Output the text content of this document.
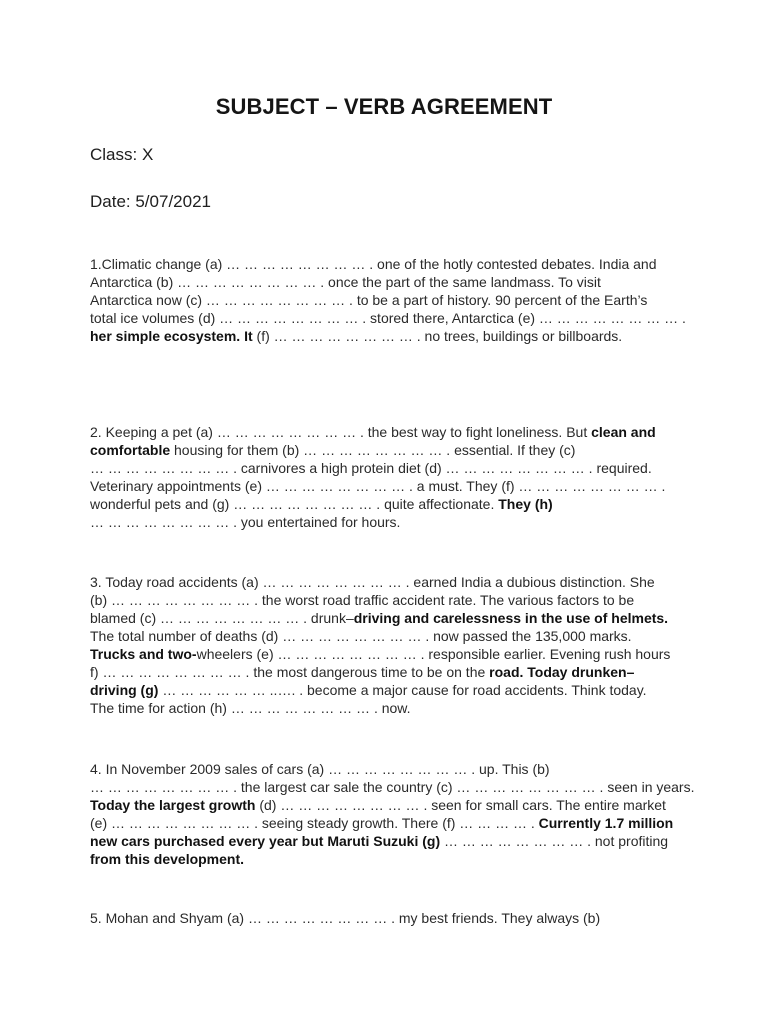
SUBJECT – VERB AGREEMENT
Class: X
Date: 5/07/2021
1.Climatic change (a) … … … … … … … … . one of the hotly contested debates. India and
Antarctica (b) … … … … … … … … . once the part of the same landmass. To visit
Antarctica now (c) … … … … … … … … . to be a part of history. 90 percent of the Earth’s
total ice volumes (d) … … … … … … … … . stored there, Antarctica (e) … … … … … … … … .
her simple ecosystem. It (f) … … … … … … … … . no trees, buildings or billboards.
2. Keeping a pet (a) … … … … … … … … . the best way to fight loneliness. But clean and
comfortable housing for them (b) … … … … … … … … . essential. If they (c)
… … … … … … … … . carnivores a high protein diet (d) … … … … … … … … . required.
Veterinary appointments (e) … … … … … … … … . a must. They (f) … … … … … … … … .
wonderful pets and (g) … … … … … … … … . quite affectionate. They (h)
… … … … … … … … . you entertained for hours.
3. Today road accidents (a) … … … … … … … … . earned India a dubious distinction. She
(b) … … … … … … … … . the worst road traffic accident rate. The various factors to be
blamed (c) … … … … … … … … . drunk–driving and carelessness in the use of helmets.
The total number of deaths (d) … … … … … … … … . now passed the 135,000 marks.
Trucks and two-wheelers (e) … … … … … … … … . responsible earlier. Evening rush hours
f) … … … … … … … … . the most dangerous time to be on the road. Today drunken–
driving (g) … … … … … … ..…. . become a major cause for road accidents. Think today.
The time for action (h) … … … … … … … … . now.
4. In November 2009 sales of cars (a) … … … … … … … … . up. This (b)
… … … … … … … … . the largest car sale the country (c) … … … … … … … … . seen in years.
Today the largest growth (d) … … … … … … … … . seen for small cars. The entire market
(e) … … … … … … … … . seeing steady growth. There (f) … … … … . Currently 1.7 million
new cars purchased every year but Maruti Suzuki (g) … … … … … … … … . not profiting
from this development.
5. Mohan and Shyam (a) … … … … … … … … . my best friends. They always (b)
